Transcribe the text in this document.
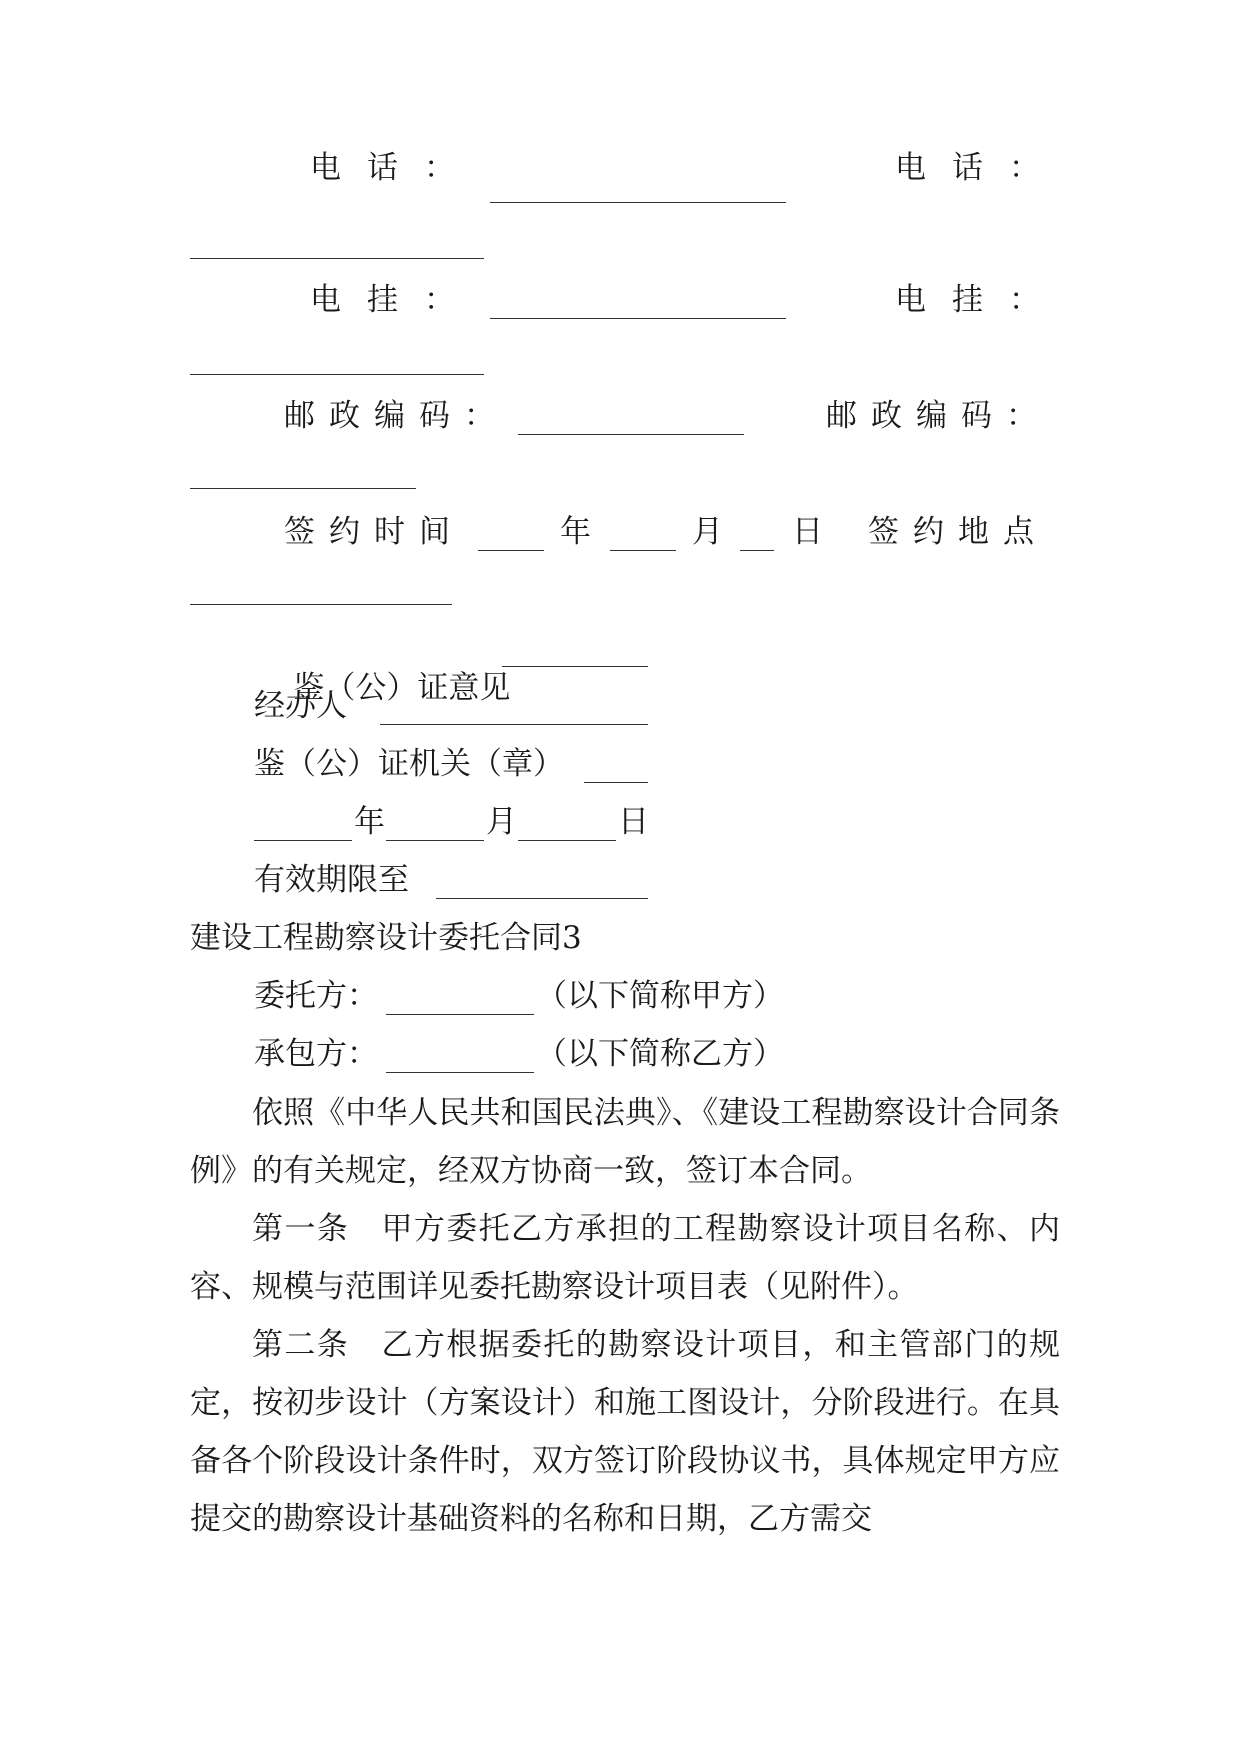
电话：	电话：
电挂：	电挂：
邮政编码：	邮政编码：
签约时间	年	月 日 签约地点

鉴（公）证意见

经办人
鉴（公）证机关（章）
年	月	日
有效期限至
建设工程勘察设计委托合同3
委托方：	（以下简称甲方）
承包方：	（以下简称乙方）

依照《中华人民共和国民法典》、《建设工程勘察设计合同条例》的有关规定，经双方协商一致，签订本合同。

第一条　甲方委托乙方承担的工程勘察设计项目名称、内容、规模与范围详见委托勘察设计项目表（见附件）。

第二条　乙方根据委托的勘察设计项目，和主管部门的规定，按初步设计（方案设计）和施工图设计，分阶段进行。在具备各个阶段设计条件时，双方签订阶段协议书，具体规定甲方应提交的勘察设计基础资料的名称和日期，乙方需交
